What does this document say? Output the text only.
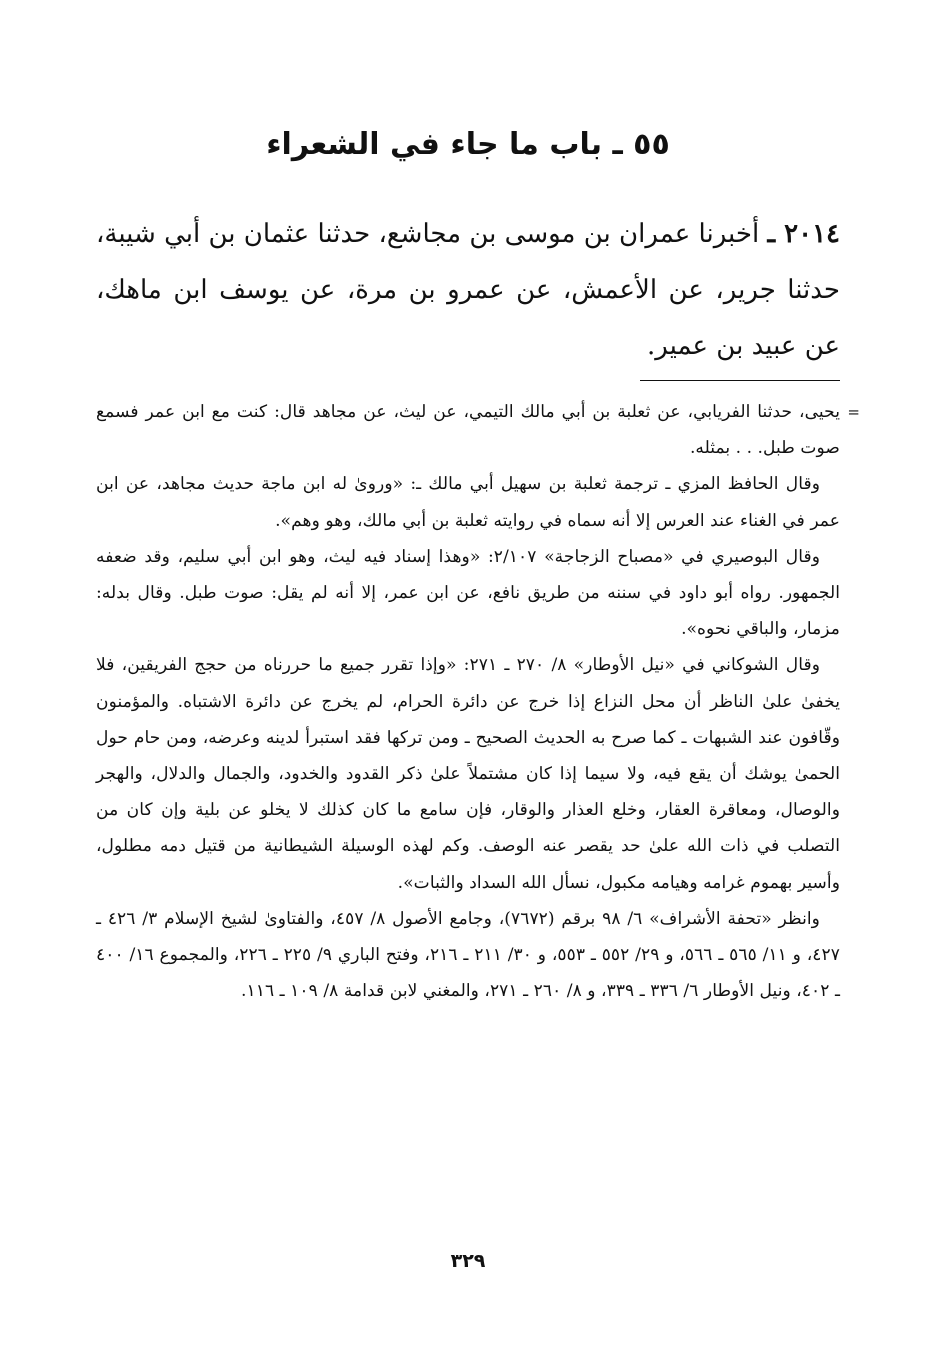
٥٥ ـ باب ما جاء في الشعراء

٢٠١٤ ـ أخبرنا عمران بن موسى بن مجاشع، حدثنا عثمان بن أبي شيبة، حدثنا جرير، عن الأعمش، عن عمرو بن مرة، عن يوسف ابن ماهك، عن عبيد بن عمير.

=

يحيى، حدثنا الفريابي، عن ثعلبة بن أبي مالك التيمي، عن ليث، عن مجاهد قال: كنت مع ابن عمر فسمع صوت طبل. . . بمثله.

وقال الحافظ المزي ـ ترجمة ثعلبة بن سهيل أبي مالك ـ: «وروىٰ له ابن ماجة حديث مجاهد، عن ابن عمر في الغناء عند العرس إلا أنه سماه في روايته ثعلبة بن أبي مالك، وهو وهم».

وقال البوصيري في «مصباح الزجاجة» ٢/١٠٧: «وهذا إسناد فيه ليث، وهو ابن أبي سليم، وقد ضعفه الجمهور. رواه أبو داود في سننه من طريق نافع، عن ابن عمر، إلا أنه لم يقل: صوت طبل. وقال بدله: مزمار، والباقي نحوه».

وقال الشوكاني في «نيل الأوطار» ٨/ ٢٧٠ ـ ٢٧١: «وإذا تقرر جميع ما حررناه من حجج الفريقين، فلا يخفىٰ علىٰ الناظر أن محل النزاع إذا خرج عن دائرة الحرام، لم يخرج عن دائرة الاشتباه. والمؤمنون وقّافون عند الشبهات ـ كما صرح به الحديث الصحيح ـ ومن تركها فقد استبرأ لدينه وعرضه، ومن حام حول الحمىٰ يوشك أن يقع فيه، ولا سيما إذا كان مشتملاً علىٰ ذكر القدود والخدود، والجمال والدلال، والهجر والوصال، ومعاقرة العقار، وخلع العذار والوقار، فإن سامع ما كان كذلك لا يخلو عن بلية وإن كان من التصلب في ذات الله علىٰ حد يقصر عنه الوصف. وكم لهذه الوسيلة الشيطانية من قتيل دمه مطلول، وأسير بهموم غرامه وهيامه مكبول، نسأل الله السداد والثبات».

وانظر «تحفة الأشراف» ٦/ ٩٨ برقم (٧٦٧٢)، وجامع الأصول ٨/ ٤٥٧، والفتاوىٰ لشيخ الإسلام ٣/ ٤٢٦ ـ ٤٢٧، و ١١/ ٥٦٥ ـ ٥٦٦، و ٢٩/ ٥٥٢ ـ ٥٥٣، و ٣٠/ ٢١١ ـ ٢١٦، وفتح الباري ٩/ ٢٢٥ ـ ٢٢٦، والمجموع ١٦/ ٤٠٠ ـ ٤٠٢، ونيل الأوطار ٦/ ٣٣٦ ـ ٣٣٩، و ٨/ ٢٦٠ ـ ٢٧١، والمغني لابن قدامة ٨/ ١٠٩ ـ ١١٦.

٣٢٩
